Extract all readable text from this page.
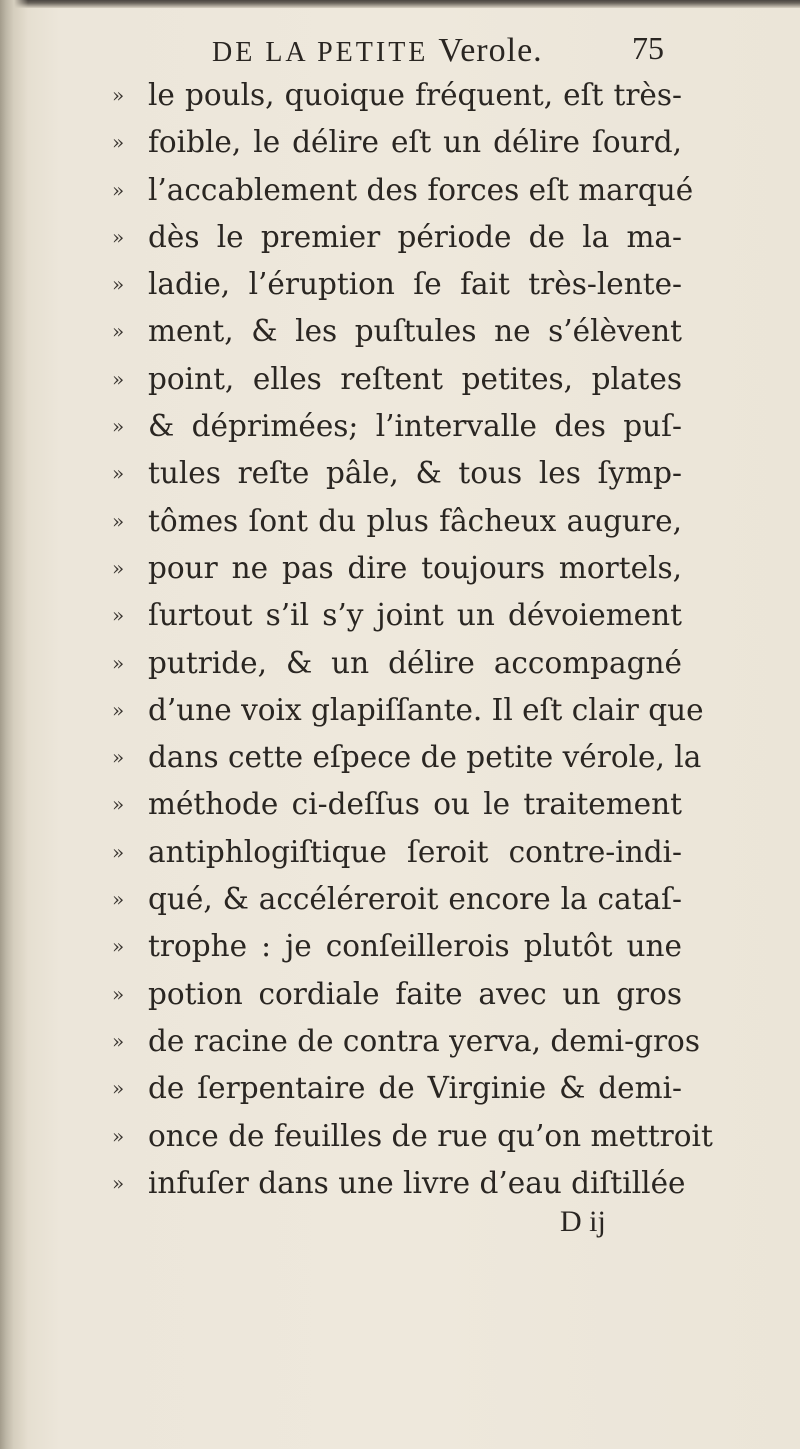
DE LA PETITE Verole.	75
» le pouls, quoique fréquent, eſt très-
» foible, le délire eſt un délire ſourd,
» l’accablement des forces eſt marqué
» dès le premier période de la ma-
» ladie, l’éruption ſe fait très-lente-
» ment, & les puſtules ne s’élèvent
» point, elles reſtent petites, plates
» & déprimées; l’intervalle des puſ-
» tules reſte pâle, & tous les ſymp-
» tômes ſont du plus fâcheux augure,
» pour ne pas dire toujours mortels,
» ſurtout s’il s’y joint un dévoiement
» putride, & un délire accompagné
» d’une voix glapiſſante. Il eſt clair que
» dans cette eſpece de petite vérole, la
» méthode ci-deſſus ou le traitement
» antiphlogiſtique ſeroit contre-indi-
» qué, & accéléreroit encore la cataſ-
» trophe : je conſeillerois plutôt une
» potion cordiale faite avec un gros
» de racine de contra yerva, demi-gros
» de ſerpentaire de Virginie & demi-
» once de feuilles de rue qu’on mettroit
» infuſer dans une livre d’eau diſtillée
D ij
